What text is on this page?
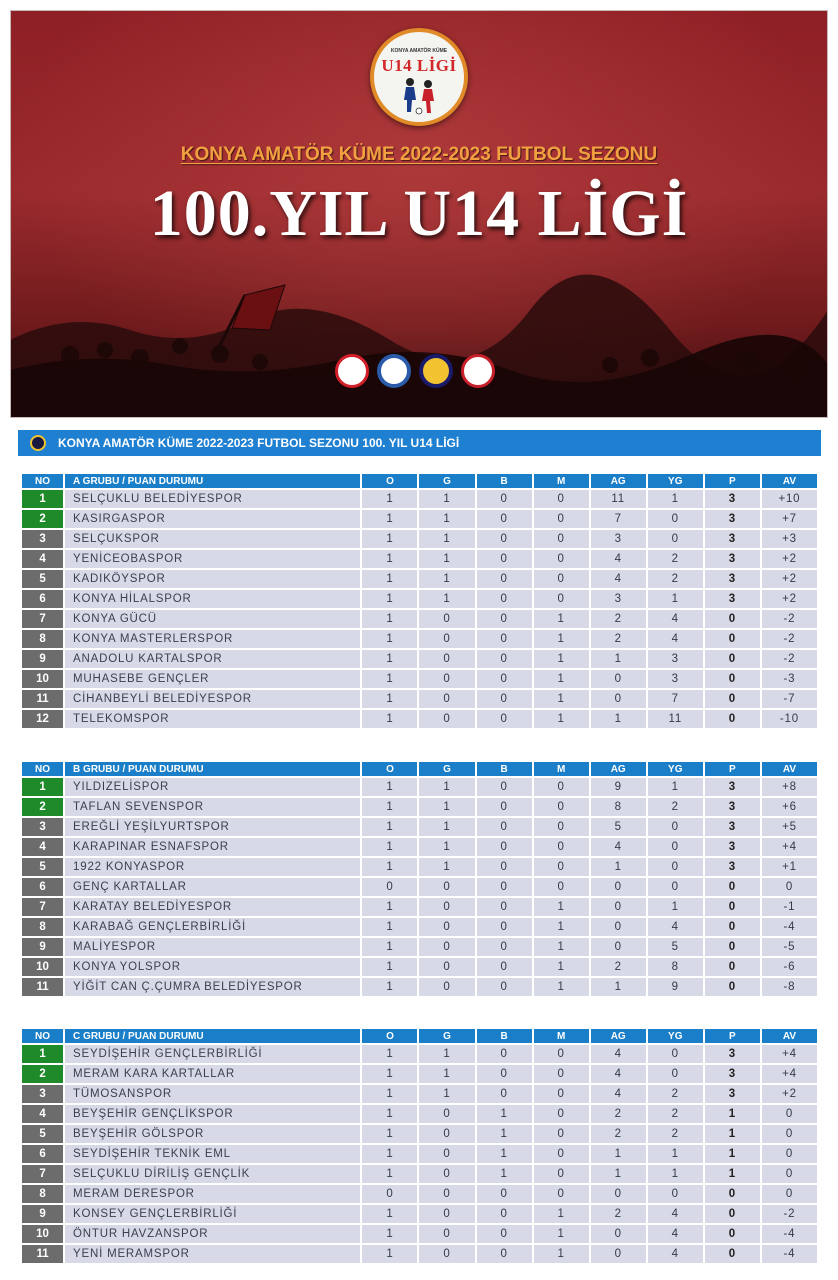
KONYA AMATÖR KÜME
U14 LİGİ
KONYA AMATÖR KÜME 2022-2023 FUTBOL SEZONU
100.YIL U14 LİGİ
KONYA AMATÖR KÜME 2022-2023 FUTBOL SEZONU 100. YIL U14 LİGİ
NO	A GRUBU / PUAN DURUMU	O	G	B	M	AG	YG	P	AV
1	SELÇUKLU BELEDİYESPOR	1	1	0	0	11	1	3	+10
2	KASIRGASPOR	1	1	0	0	7	0	3	+7
3	SELÇUKSPOR	1	1	0	0	3	0	3	+3
4	YENİCEOBASPOR	1	1	0	0	4	2	3	+2
5	KADIKÖYSPOR	1	1	0	0	4	2	3	+2
6	KONYA HİLALSPOR	1	1	0	0	3	1	3	+2
7	KONYA GÜCÜ	1	0	0	1	2	4	0	-2
8	KONYA MASTERLERSPOR	1	0	0	1	2	4	0	-2
9	ANADOLU KARTALSPOR	1	0	0	1	1	3	0	-2
10	MUHASEBE GENÇLER	1	0	0	1	0	3	0	-3
11	CİHANBEYLİ BELEDİYESPOR	1	0	0	1	0	7	0	-7
12	TELEKOMSPOR	1	0	0	1	1	11	0	-10
NO	B GRUBU / PUAN DURUMU	O	G	B	M	AG	YG	P	AV
1	YILDIZELİSPOR	1	1	0	0	9	1	3	+8
2	TAFLAN SEVENSPOR	1	1	0	0	8	2	3	+6
3	EREĞLİ YEŞİLYURTSPOR	1	1	0	0	5	0	3	+5
4	KARAPINAR ESNAFSPOR	1	1	0	0	4	0	3	+4
5	1922 KONYASPOR	1	1	0	0	1	0	3	+1
6	GENÇ KARTALLAR	0	0	0	0	0	0	0	0
7	KARATAY BELEDİYESPOR	1	0	0	1	0	1	0	-1
8	KARABAĞ GENÇLERBİRLİĞİ	1	0	0	1	0	4	0	-4
9	MALİYESPOR	1	0	0	1	0	5	0	-5
10	KONYA YOLSPOR	1	0	0	1	2	8	0	-6
11	YİĞİT CAN Ç.ÇUMRA BELEDİYESPOR	1	0	0	1	1	9	0	-8
NO	C GRUBU / PUAN DURUMU	O	G	B	M	AG	YG	P	AV
1	SEYDİŞEHİR GENÇLERBİRLİĞİ	1	1	0	0	4	0	3	+4
2	MERAM KARA KARTALLAR	1	1	0	0	4	0	3	+4
3	TÜMOSANSPOR	1	1	0	0	4	2	3	+2
4	BEYŞEHİR GENÇLİKSPOR	1	0	1	0	2	2	1	0
5	BEYŞEHİR GÖLSPOR	1	0	1	0	2	2	1	0
6	SEYDİŞEHİR TEKNİK EML	1	0	1	0	1	1	1	0
7	SELÇUKLU DİRİLİŞ GENÇLİK	1	0	1	0	1	1	1	0
8	MERAM DERESPOR	0	0	0	0	0	0	0	0
9	KONSEY GENÇLERBİRLİĞİ	1	0	0	1	2	4	0	-2
10	ÖNTUR HAVZANSPOR	1	0	0	1	0	4	0	-4
11	YENİ MERAMSPOR	1	0	0	1	0	4	0	-4
